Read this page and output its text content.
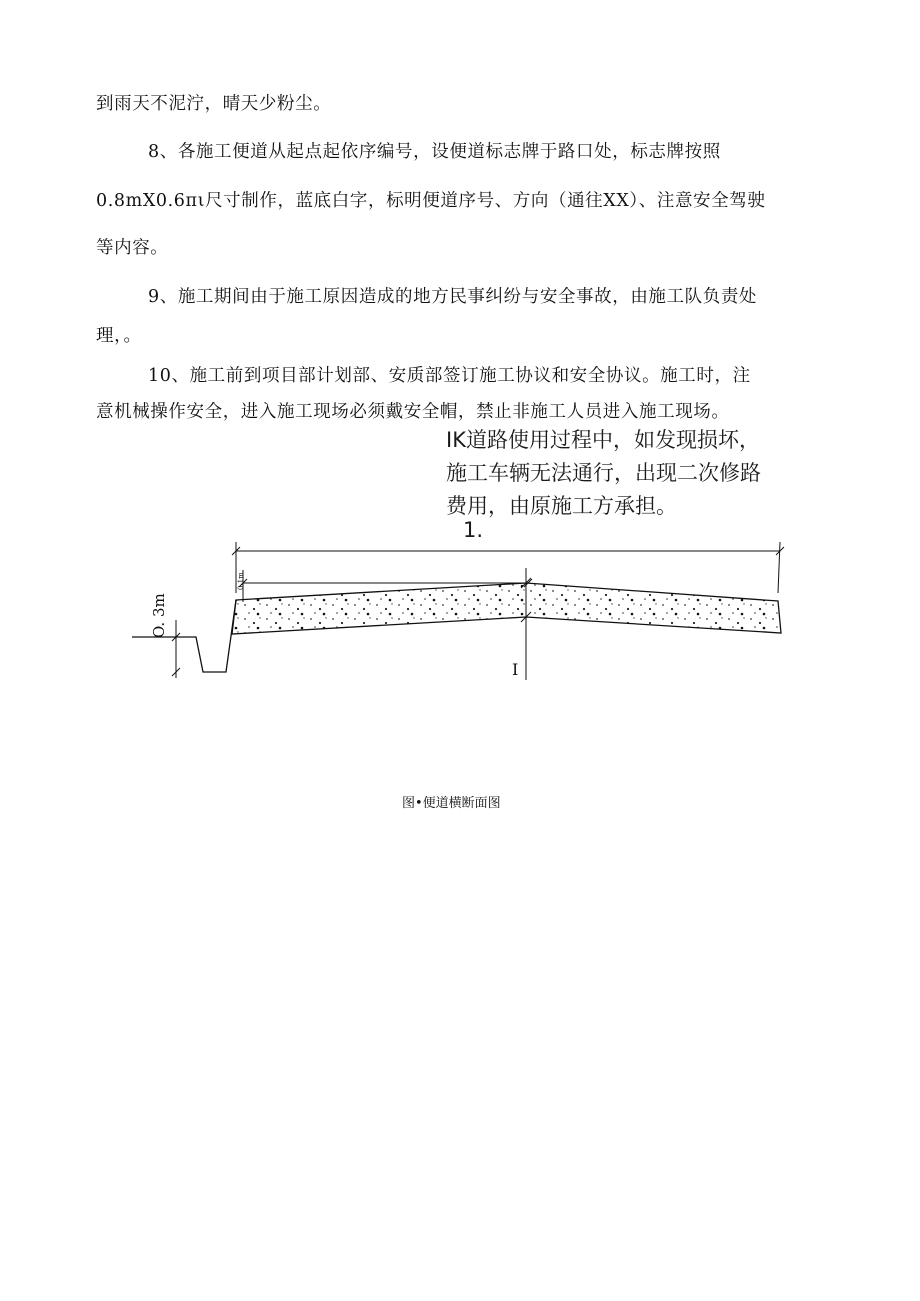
到雨天不泥泞，晴天少粉尘。
8、各施工便道从起点起依序编号，设便道标志牌于路口处，标志牌按照
0.8mX0.6πι尺寸制作，蓝底白字，标明便道序号、方向（通往XX）、注意安全驾驶
等内容。
9、施工期间由于施工原因造成的地方民事纠纷与安全事故，由施工队负责处
理，。
10、施工前到项目部计划部、安质部签订施工协议和安全协议。施工时，注
意机械操作安全，进入施工现场必须戴安全帽，禁止非施工人员进入施工现场。
IK道路使用过程中，如发现损坏，
施工车辆无法通行，出现二次修路
费用，由原施工方承担。
1.
O. 3m
0.1m
I
图•便道横断面图
